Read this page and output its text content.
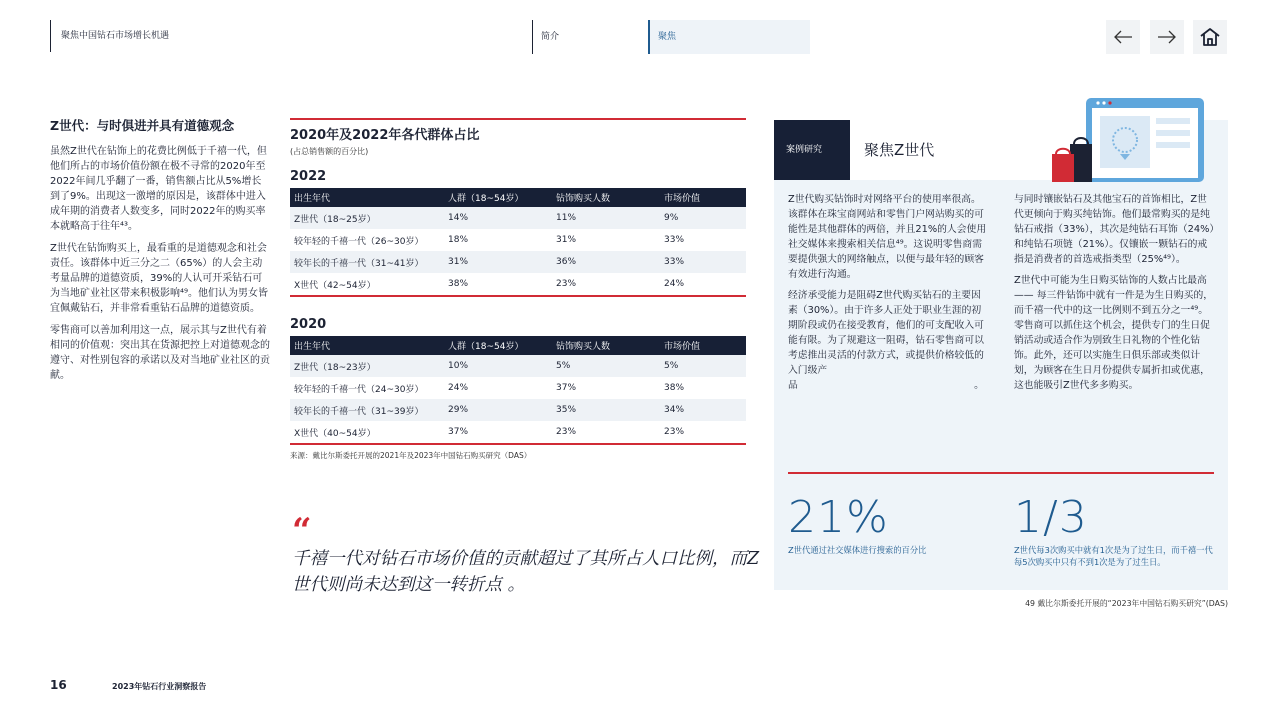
聚焦中国钻石市场增长机遇	简介	聚焦
Z世代：与时俱进并具有道德观念

虽然Z世代在钻饰上的花费比例低于千禧一代，但他们所占的市场价值份额在极不寻常的2020年至2022年间几乎翻了一番，销售额占比从5%增长到了9%。出现这一激增的原因是，该群体中进入成年期的消费者人数变多，同时2022年的购买率本就略高于往年⁴³。

Z世代在钻饰购买上，最看重的是道德观念和社会责任。该群体中近三分之二（65%）的人会主动考量品牌的道德资质，39%的人认可开采钻石可为当地矿业社区带来积极影响⁴⁹。他们认为男女皆宜佩戴钻石，并非常看重钻石品牌的道德资质。

零售商可以善加利用这一点，展示其与Z世代有着相同的价值观：突出其在货源把控上对道德观念的遵守、对性别包容的承诺以及对当地矿业社区的贡献。

2020年及2022年各代群体占比
(占总销售额的百分比)
2022
出生年代	人群（18~54岁）	钻饰购买人数	市场价值
Z世代（18~25岁）	14%	11%	9%
较年轻的千禧一代（26~30岁）	18%	31%	33%
较年长的千禧一代（31~41岁）	31%	36%	33%
X世代（42~54岁）	38%	23%	24%
2020
出生年代	人群（18~54岁）	钻饰购买人数	市场价值
Z世代（18~23岁）	10%	5%	5%
较年轻的千禧一代（24~30岁）	24%	37%	38%
较年长的千禧一代（31~39岁）	29%	35%	34%
X世代（40~54岁）	37%	23%	23%
来源：戴比尔斯委托开展的2021年及2023年中国钻石购买研究（DAS）
“
千禧一代对钻石市场价值的贡献超过了其所占人口比例，而Z世代则尚未达到这一转折点 。
案例研究	聚焦Z世代

Z世代购买钻饰时对网络平台的使用率很高。该群体在珠宝商网站和零售门户网站购买的可能性是其他群体的两倍，并且21%的人会使用社交媒体来搜索相关信息⁴⁹。这说明零售商需要提供强大的网络触点，以便与最年轻的顾客有效进行沟通。

经济承受能力是阻碍Z世代购买钻石的主要因素（30%）。由于许多人正处于职业生涯的初期阶段或仍在接受教育，他们的可支配收入可能有限。为了规避这一阻碍，钻石零售商可以考虑推出灵活的付款方式，或提供价格较低的入门级产品　　　　　　　　　　　　　　　　　　。

与同时镶嵌钻石及其他宝石的首饰相比，Z世代更倾向于购买纯钻饰。他们最常购买的是纯钻石戒指（33%），其次是纯钻石耳饰（24%）和纯钻石项链（21%）。仅镶嵌一颗钻石的戒指是消费者的首选戒指类型（25%⁴⁹）。

Z世代中可能为生日购买钻饰的人数占比最高 —— 每三件钻饰中就有一件是为生日购买的，而千禧一代中的这一比例则不到五分之一⁴⁹。零售商可以抓住这个机会，提供专门的生日促销活动或适合作为别致生日礼物的个性化钻饰。此外，还可以实施生日俱乐部或类似计划，为顾客在生日月份提供专属折扣或优惠，这也能吸引Z世代多多购买。

21%
Z世代通过社交媒体进行搜索的百分比
1/3
Z世代每3次购买中就有1次是为了过生日，而千禧一代每5次购买中只有不到1次是为了过生日。
49 戴比尔斯委托开展的“2023年中国钻石购买研究”(DAS)
16	2023年钻石行业洞察报告
